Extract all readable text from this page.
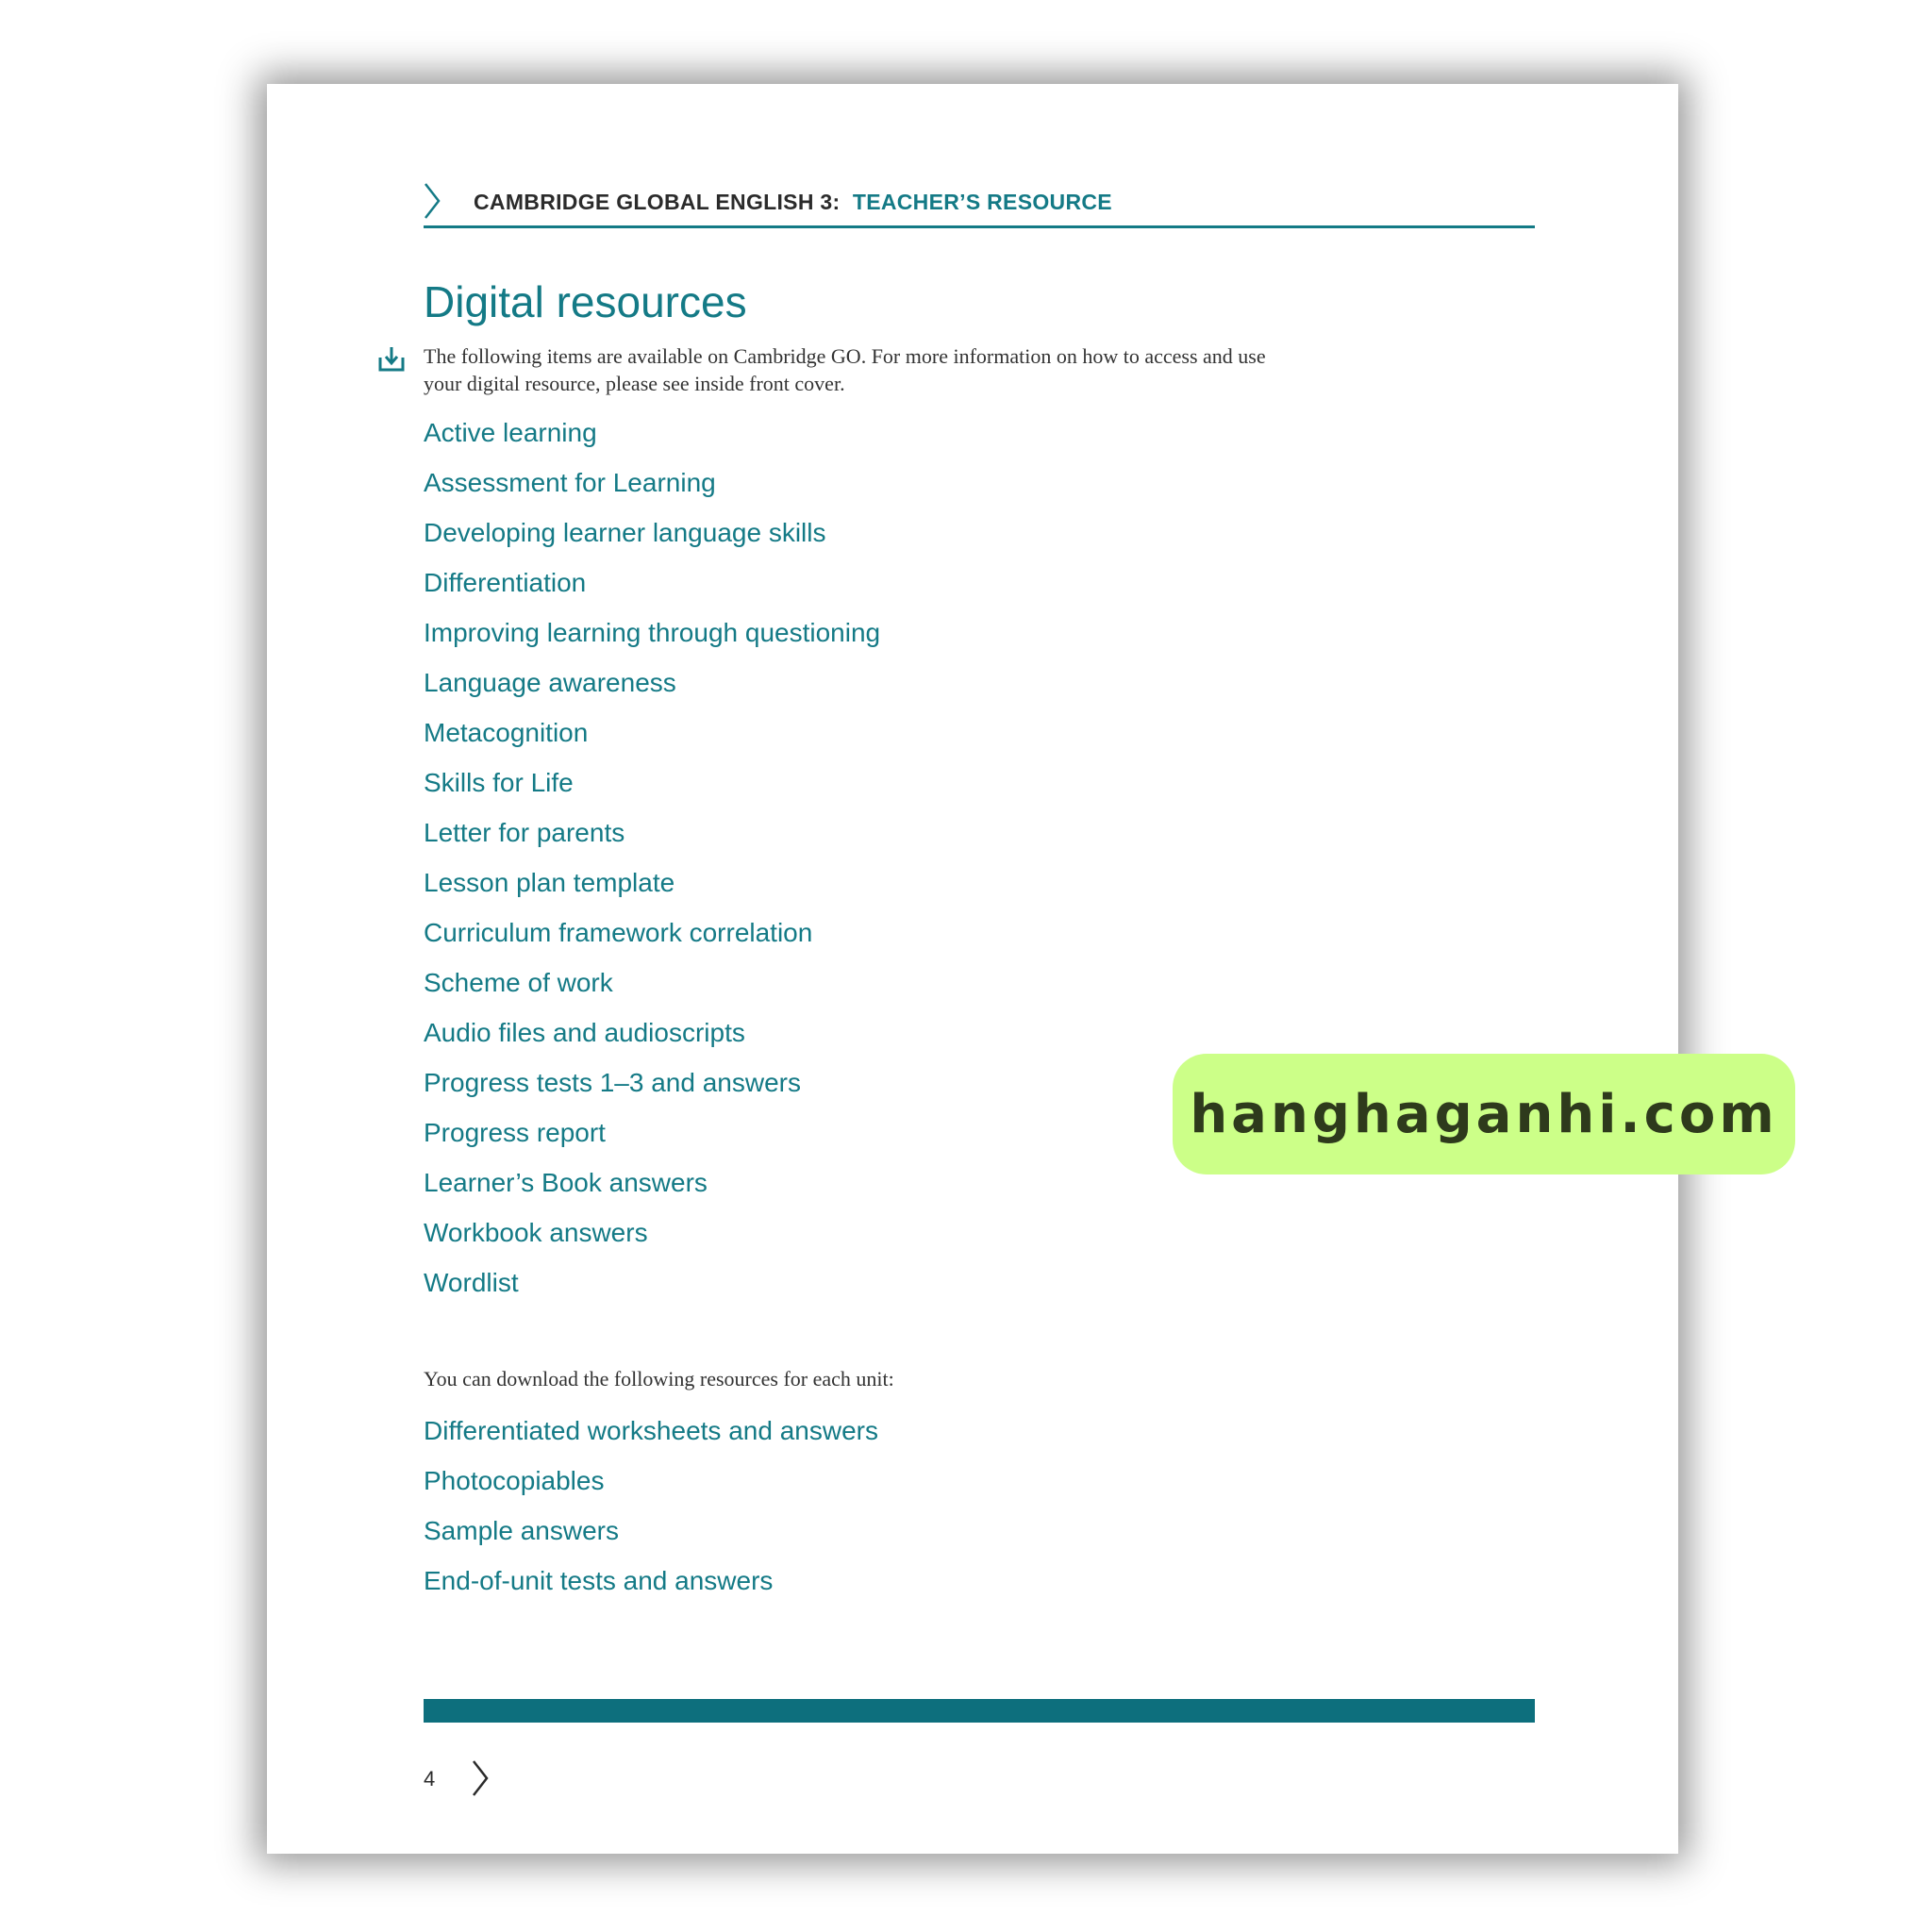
CAMBRIDGE GLOBAL ENGLISH 3: TEACHER’S RESOURCE
Digital resources
The following items are available on Cambridge GO. For more information on how to access and use your digital resource, please see inside front cover.
Active learning
Assessment for Learning
Developing learner language skills
Differentiation
Improving learning through questioning
Language awareness
Metacognition
Skills for Life
Letter for parents
Lesson plan template
Curriculum framework correlation
Scheme of work
Audio files and audioscripts
Progress tests 1–3 and answers
Progress report
Learner’s Book answers
Workbook answers
Wordlist
You can download the following resources for each unit:
Differentiated worksheets and answers
Photocopiables
Sample answers
End-of-unit tests and answers
4
hanghaganhi.com
